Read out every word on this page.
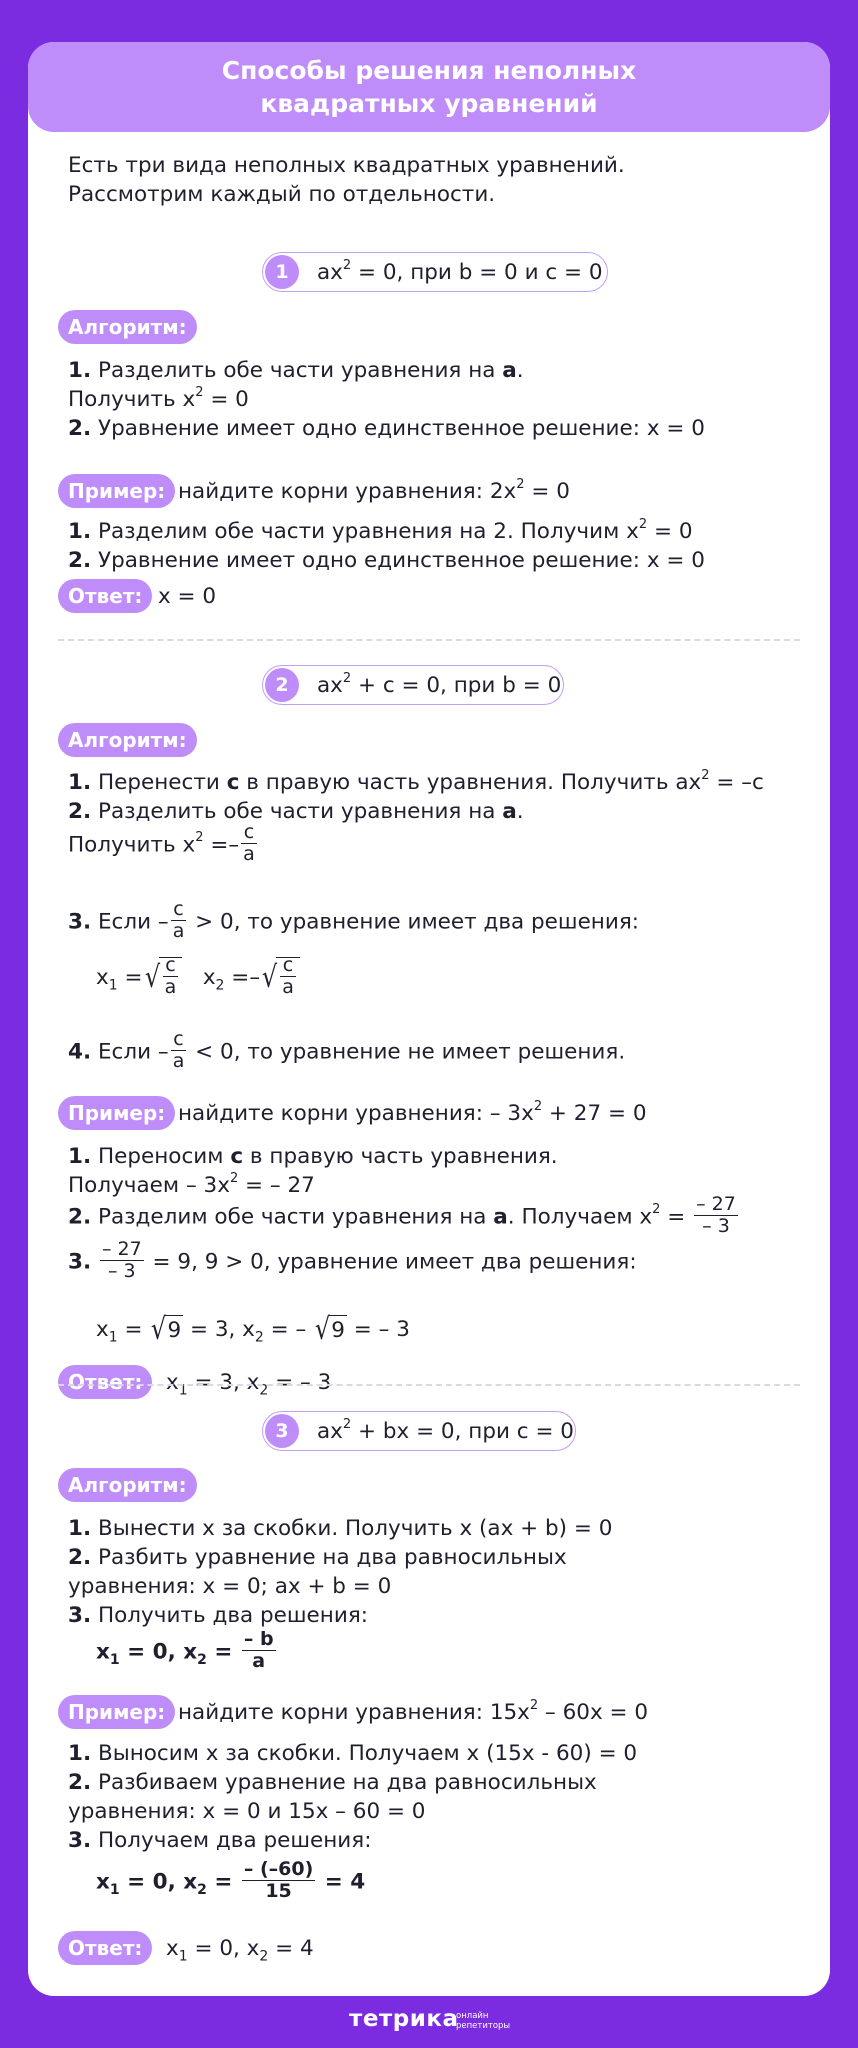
Способы решения неполных
квадратных уравнений
Есть три вида неполных квадратных уравнений.
Рассмотрим каждый по отдельности.
1	$ax^2 = 0$, при b = 0 и c = 0
Алгоритм:
1. Разделить обе части уравнения на a.
Получить $x^2 = 0$
2. Уравнение имеет одно единственное решение: x = 0
Пример: найдите корни уравнения: $2x^2 = 0$
1. Разделим обе части уравнения на 2. Получим $x^2 = 0$
2. Уравнение имеет одно единственное решение: x = 0
Ответ: x = 0
2	$ax^2 + c = 0$, при b = 0
Алгоритм:
1. Перенести c в правую часть уравнения. Получить $ax^2 = -c$
2. Разделить обе части уравнения на a.
Получить $x^2 =- \frac{c}{a}$
3. Если – $\frac{c}{a} > 0$, то уравнение имеет два решения:
$x_1$ =√ $\frac{c}{a} x_2$ =–√ $\frac{c}{a}$
4. Если – $\frac{c}{a} < 0$, то уравнение не имеет решения.
Пример: найдите корни уравнения: – $3x^2 + 27 = 0$
1. Переносим c в правую часть уравнения.
Получаем – $3x^2$ = – 27
2. Разделим обе части уравнения на a. Получаем $x^2 = \frac{- 27}{- 3}$
3. $\frac{- 27}{- 3} = 9$, 9 > 0, уравнение имеет два решения:
$x_1 = √9 = 3$, $x_2$ = – √9 = – 3
Ответ:	$x_1 = 3$, $x_2$ = – 3
3	$ax^2$ + bx = 0, при c = 0
Алгоритм:
1. Вынести x за скобки. Получить x (ax + b) = 0
2. Разбить уравнение на два равносильных
уравнения: x = 0; ax + b = 0
3. Получить два решения:
$x_1 = 0$, $x_2 = \frac{- b}{a}$
Пример: найдите корни уравнения: $15x^2 - 60x = 0$
1. Выносим x за скобки. Получаем x (15x - 60) = 0
2. Разбиваем уравнение на два равносильных
уравнения: x = 0 и 15x – 60 = 0
3. Получаем два решения:
$x_1 = 0$, $x_2 = \frac{- (-60)}{15} = 4$
Ответ:	$x_1 = 0$, $x_2 = 4$
тетрика
онлайн
репетиторы
